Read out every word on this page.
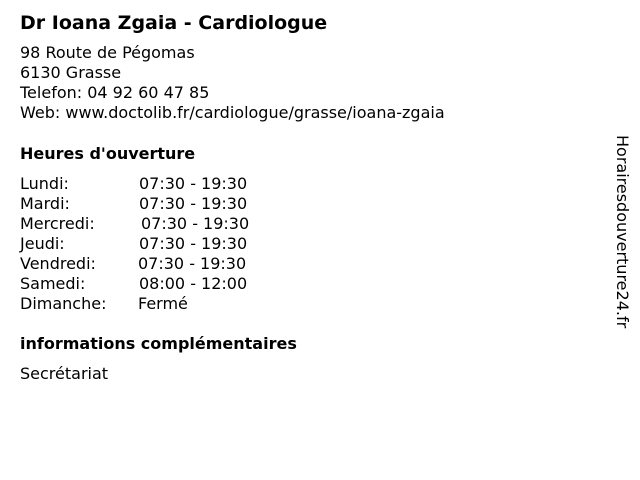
Dr Ioana Zgaia - Cardiologue
98 Route de Pégomas
6130 Grasse
Telefon: 04 92 60 47 85
Web: www.doctolib.fr/cardiologue/grasse/ioana-zgaia
Heures d'ouverture
Lundi:	07:30 - 19:30
Mardi:	07:30 - 19:30
Mercredi:	07:30 - 19:30
Jeudi:	07:30 - 19:30
Vendredi:	07:30 - 19:30
Samedi:	08:00 - 12:00
Dimanche: Fermé
informations complémentaires
Secrétariat
Horairesdouverture24.fr
